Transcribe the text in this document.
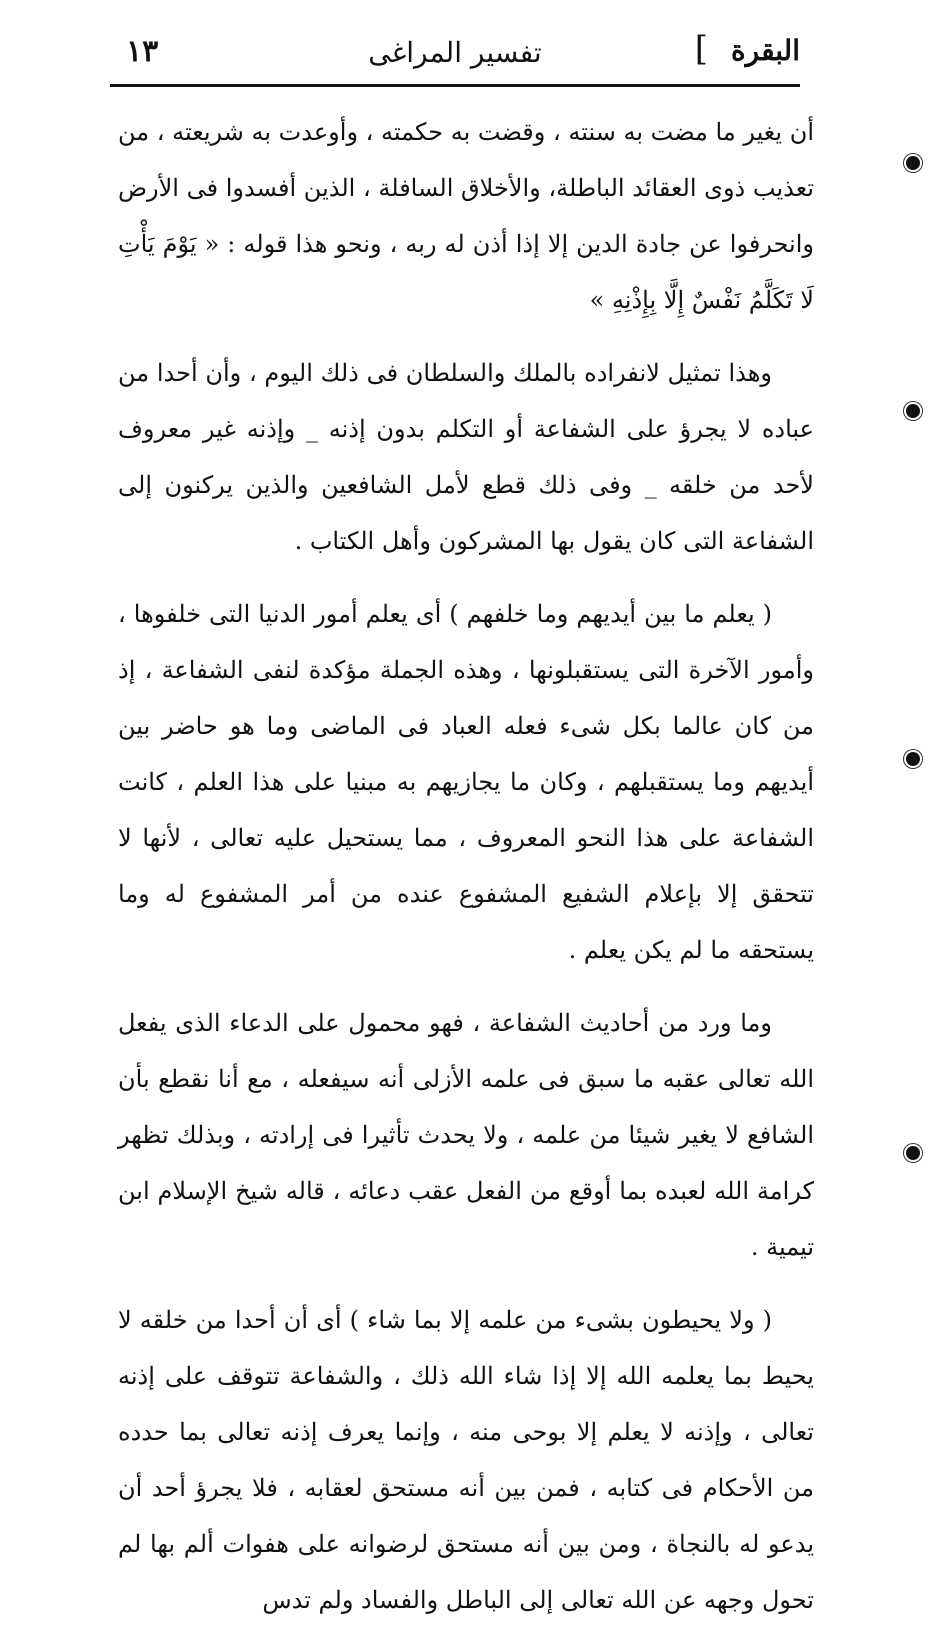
البقرة
]
تفسير المراغى
١٣

أن يغير ما مضت به سنته ، وقضت به حكمته ، وأوعدت به شريعته ، من تعذيب ذوى العقائد الباطلة، والأخلاق السافلة ، الذين أفسدوا فى الأرض وانحرفوا عن جادة الدين إلا إذا أذن له ربه ، ونحو هذا قوله : « يَوْمَ يَأْتِ لَا تَكَلَّمُ نَفْسٌ إِلَّا بِإِذْنِهِ »

وهذا تمثيل لانفراده بالملك والسلطان فى ذلك اليوم ، وأن أحدا من عباده لا يجرؤ على الشفاعة أو التكلم بدون إذنه _ وإذنه غير معروف لأحد من خلقه _ وفى ذلك قطع لأمل الشافعين والذين يركنون إلى الشفاعة التى كان يقول بها المشركون وأهل الكتاب .

( يعلم ما بين أيديهم وما خلفهم ) أى يعلم أمور الدنيا التى خلفوها ، وأمور الآخرة التى يستقبلونها ، وهذه الجملة مؤكدة لنفى الشفاعة ، إذ من كان عالما بكل شىء فعله العباد فى الماضى وما هو حاضر بين أيديهم وما يستقبلهم ، وكان ما يجازيهم به مبنيا على هذا العلم ، كانت الشفاعة على هذا النحو المعروف ، مما يستحيل عليه تعالى ، لأنها لا تتحقق إلا بإعلام الشفيع المشفوع عنده من أمر المشفوع له وما يستحقه ما لم يكن يعلم .

وما ورد من أحاديث الشفاعة ، فهو محمول على الدعاء الذى يفعل الله تعالى عقبه ما سبق فى علمه الأزلى أنه سيفعله ، مع أنا نقطع بأن الشافع لا يغير شيئا من علمه ، ولا يحدث تأثيرا فى إرادته ، وبذلك تظهر كرامة الله لعبده بما أوقع من الفعل عقب دعائه ، قاله شيخ الإسلام ابن تيمية .

( ولا يحيطون بشىء من علمه إلا بما شاء ) أى أن أحدا من خلقه لا يحيط بما يعلمه الله إلا إذا شاء الله ذلك ، والشفاعة تتوقف على إذنه تعالى ، وإذنه لا يعلم إلا بوحى منه ، وإنما يعرف إذنه تعالى بما حدده من الأحكام فى كتابه ، فمن بين أنه مستحق لعقابه ، فلا يجرؤ أحد أن يدعو له بالنجاة ، ومن بين أنه مستحق لرضوانه على هفوات ألم بها لم تحول وجهه عن الله تعالى إلى الباطل والفساد ولم تدس
